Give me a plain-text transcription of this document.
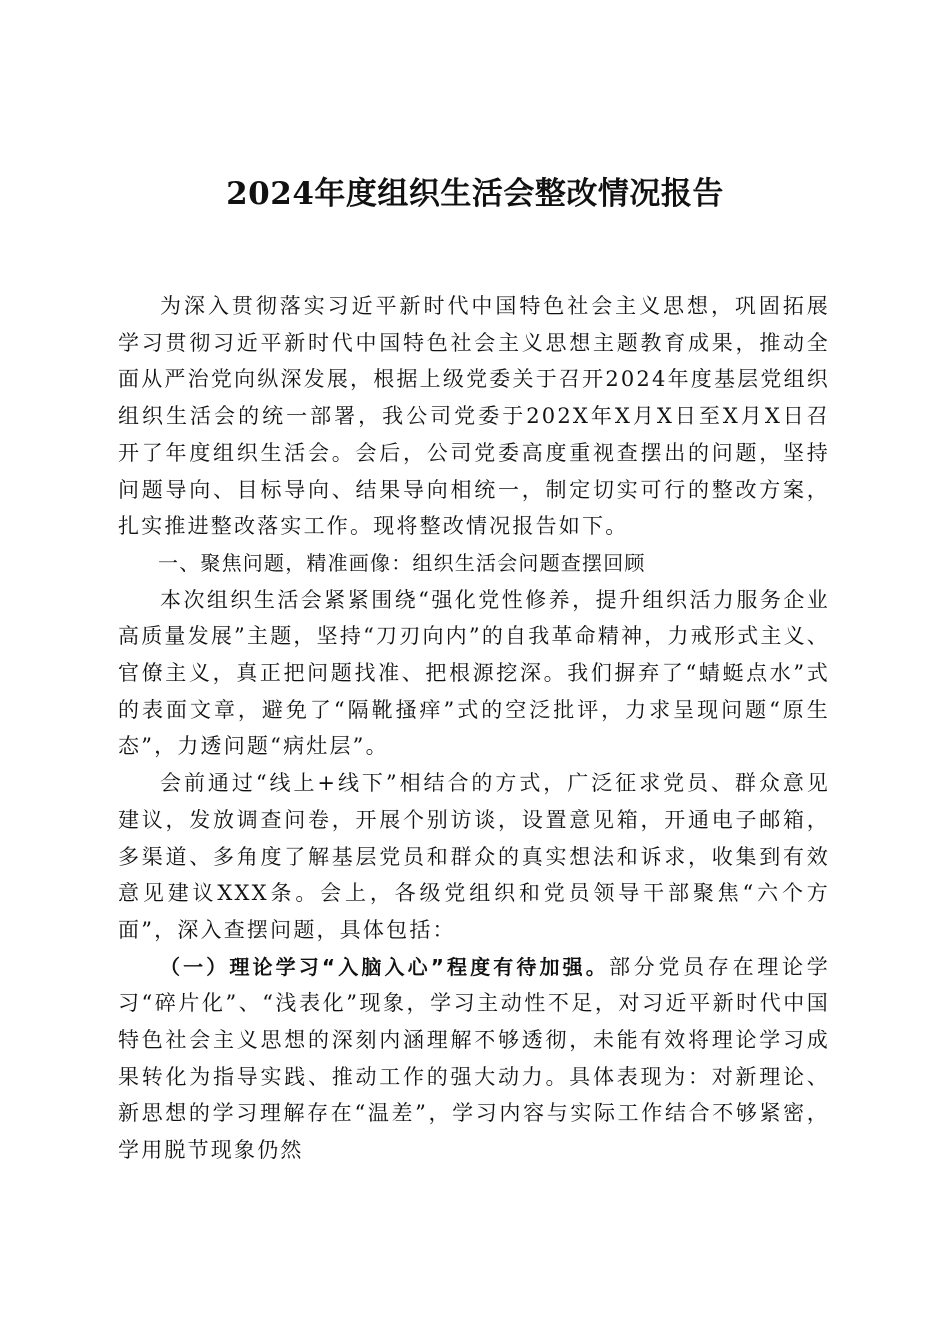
2024年度组织生活会整改情况报告

为深入贯彻落实习近平新时代中国特色社会主义思想，巩固拓展学习贯彻习近平新时代中国特色社会主义思想主题教育成果，推动全面从严治党向纵深发展，根据上级党委关于召开2024年度基层党组织组织生活会的统一部署，我公司党委于202X年X月X日至X月X日召开了年度组织生活会。会后，公司党委高度重视查摆出的问题，坚持问题导向、目标导向、结果导向相统一，制定切实可行的整改方案，扎实推进整改落实工作。现将整改情况报告如下。

一、聚焦问题，精准画像：组织生活会问题查摆回顾

本次组织生活会紧紧围绕“强化党性修养，提升组织活力服务企业高质量发展”主题，坚持“刀刃向内”的自我革命精神，力戒形式主义、官僚主义，真正把问题找准、把根源挖深。我们摒弃了“蜻蜓点水”式的表面文章，避免了“隔靴搔痒”式的空泛批评，力求呈现问题“原生态”，力透问题“病灶层”。

会前通过“线上+线下”相结合的方式，广泛征求党员、群众意见建议，发放调查问卷，开展个别访谈，设置意见箱，开通电子邮箱，多渠道、多角度了解基层党员和群众的真实想法和诉求，收集到有效意见建议XXX条。会上，各级党组织和党员领导干部聚焦“六个方面”，深入查摆问题，具体包括：

（一）理论学习“入脑入心”程度有待加强。部分党员存在理论学习“碎片化”、“浅表化”现象，学习主动性不足，对习近平新时代中国特色社会主义思想的深刻内涵理解不够透彻，未能有效将理论学习成果转化为指导实践、推动工作的强大动力。具体表现为：对新理论、新思想的学习理解存在“温差”，学习内容与实际工作结合不够紧密，学用脱节现象仍然
